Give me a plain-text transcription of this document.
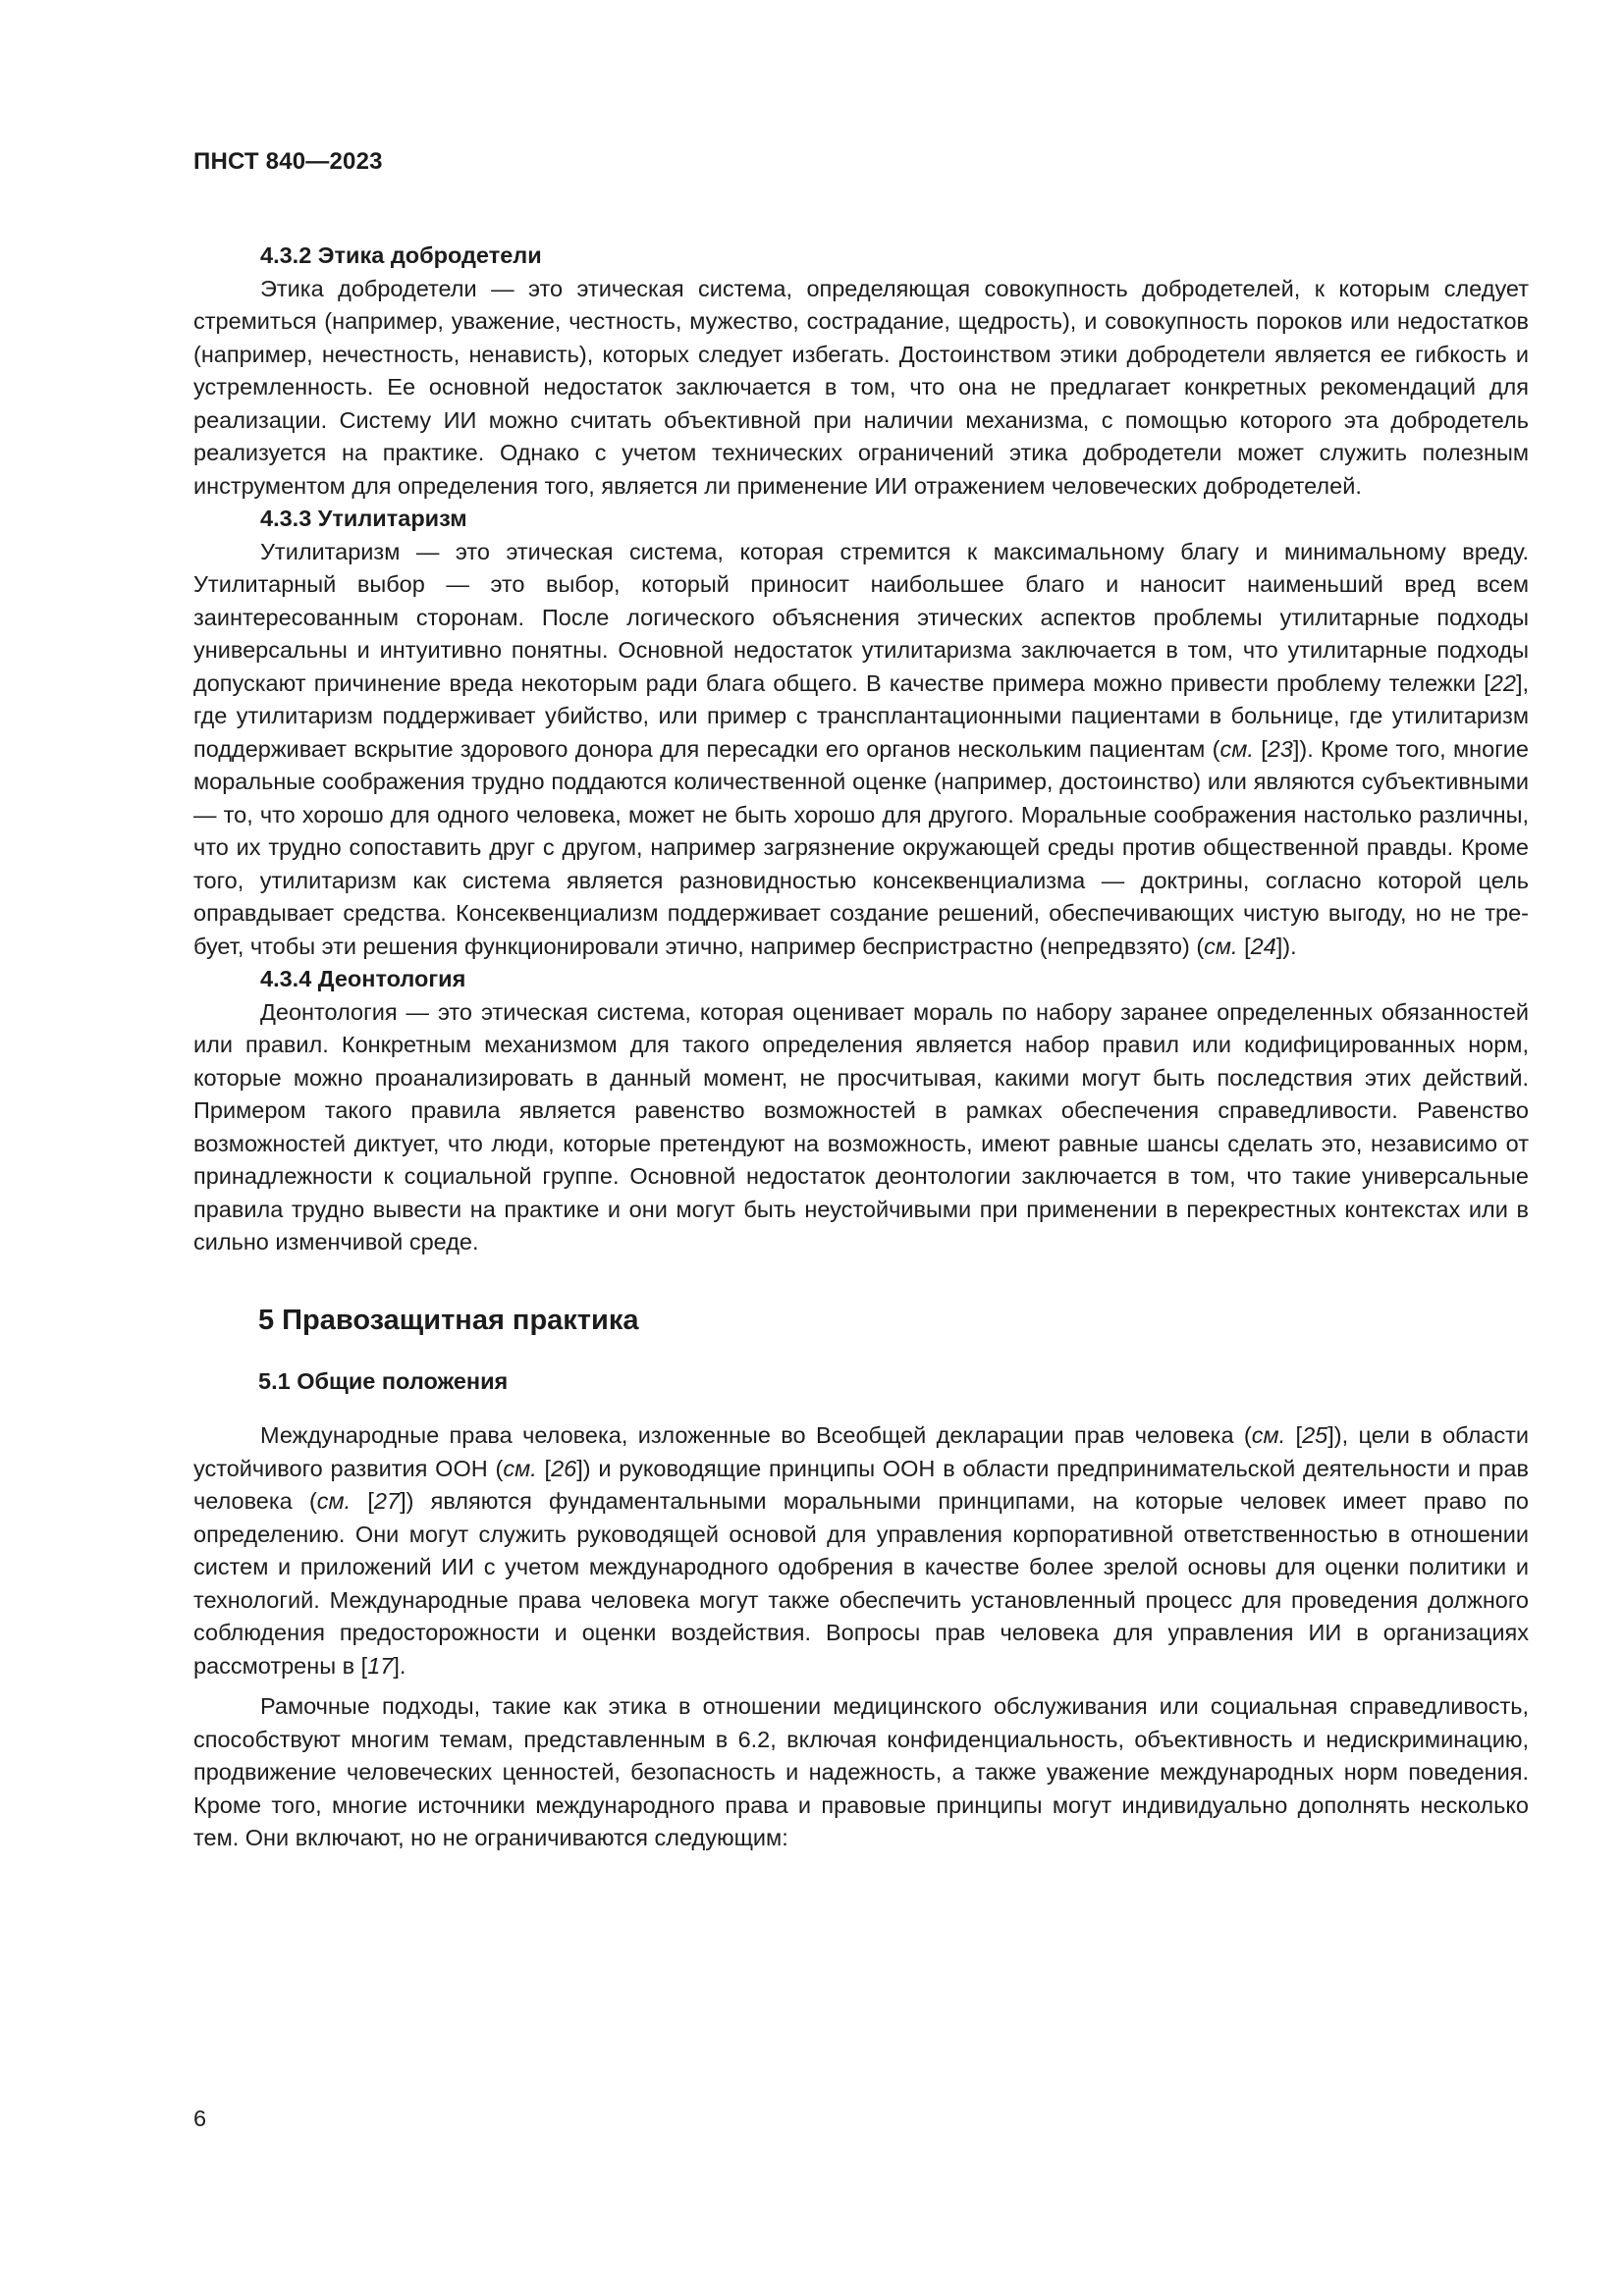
ПНСТ 840—2023

4.3.2 Этика добродетели

Этика добродетели — это этическая система, определяющая совокупность добродетелей, к которым следует стремиться (например, уважение, честность, мужество, сострадание, щедрость), и совокупность пороков или недостатков (например, нечестность, ненависть), которых следует избегать. Достоинством этики добродетели является ее гибкость и устремленность. Ее основной недостаток заключается в том, что она не предлагает конкретных рекомендаций для реализации. Систему ИИ можно считать объективной при наличии механизма, с помощью которого эта добродетель реализуется на практике. Однако с учетом технических ограничений этика добродетели может служить полезным инструментом для определения того, является ли применение ИИ отражением человеческих добродетелей.

4.3.3 Утилитаризм

Утилитаризм — это этическая система, которая стремится к максимальному благу и минимальному вреду. Утилитарный выбор — это выбор, который приносит наибольшее благо и наносит наименьший вред всем заинтересованным сторонам. После логического объяснения этических аспектов проблемы утилитарные подходы универсальны и интуитивно понятны. Основной недостаток утилитаризма заключается в том, что утилитарные подходы допускают причинение вреда некоторым ради блага общего. В качестве примера можно привести проблему тележки [22], где утилитаризм поддерживает убийство, или пример с трансплантационными пациентами в больнице, где утилитаризм поддерживает вскрытие здорового донора для пересадки его органов нескольким пациентам (см. [23]). Кроме того, многие моральные соображения трудно поддаются количественной оценке (например, достоинство) или являются субъективными — то, что хорошо для одного человека, может не быть хорошо для другого. Моральные соображения настолько различны, что их трудно сопоставить друг с другом, например загрязнение окружающей среды против общественной правды. Кроме того, утилитаризм как система является разновидностью консеквенциализма — доктрины, согласно которой цель оправдывает средства. Консеквенциализм поддерживает создание решений, обеспечивающих чистую выгоду, но не требует, чтобы эти решения функционировали этично, например беспристрастно (непредвзято) (см. [24]).

4.3.4 Деонтология

Деонтология — это этическая система, которая оценивает мораль по набору заранее определенных обязанностей или правил. Конкретным механизмом для такого определения является набор правил или кодифицированных норм, которые можно проанализировать в данный момент, не просчитывая, какими могут быть последствия этих действий. Примером такого правила является равенство возможностей в рамках обеспечения справедливости. Равенство возможностей диктует, что люди, которые претендуют на возможность, имеют равные шансы сделать это, независимо от принадлежности к социальной группе. Основной недостаток деонтологии заключается в том, что такие универсальные правила трудно вывести на практике и они могут быть неустойчивыми при применении в перекрестных контекстах или в сильно изменчивой среде.

5 Правозащитная практика
5.1 Общие положения

Международные права человека, изложенные во Всеобщей декларации прав человека (см. [25]), цели в области устойчивого развития ООН (см. [26]) и руководящие принципы ООН в области предпринимательской деятельности и прав человека (см. [27]) являются фундаментальными моральными принципами, на которые человек имеет право по определению. Они могут служить руководящей основой для управления корпоративной ответственностью в отношении систем и приложений ИИ с учетом международного одобрения в качестве более зрелой основы для оценки политики и технологий. Международные права человека могут также обеспечить установленный процесс для проведения должного соблюдения предосторожности и оценки воздействия. Вопросы прав человека для управления ИИ в организациях рассмотрены в [17].

Рамочные подходы, такие как этика в отношении медицинского обслуживания или социальная справедливость, способствуют многим темам, представленным в 6.2, включая конфиденциальность, объективность и недискриминацию, продвижение человеческих ценностей, безопасность и надежность, а также уважение международных норм поведения. Кроме того, многие источники международного права и правовые принципы могут индивидуально дополнять несколько тем. Они включают, но не ограничиваются следующим:

6
